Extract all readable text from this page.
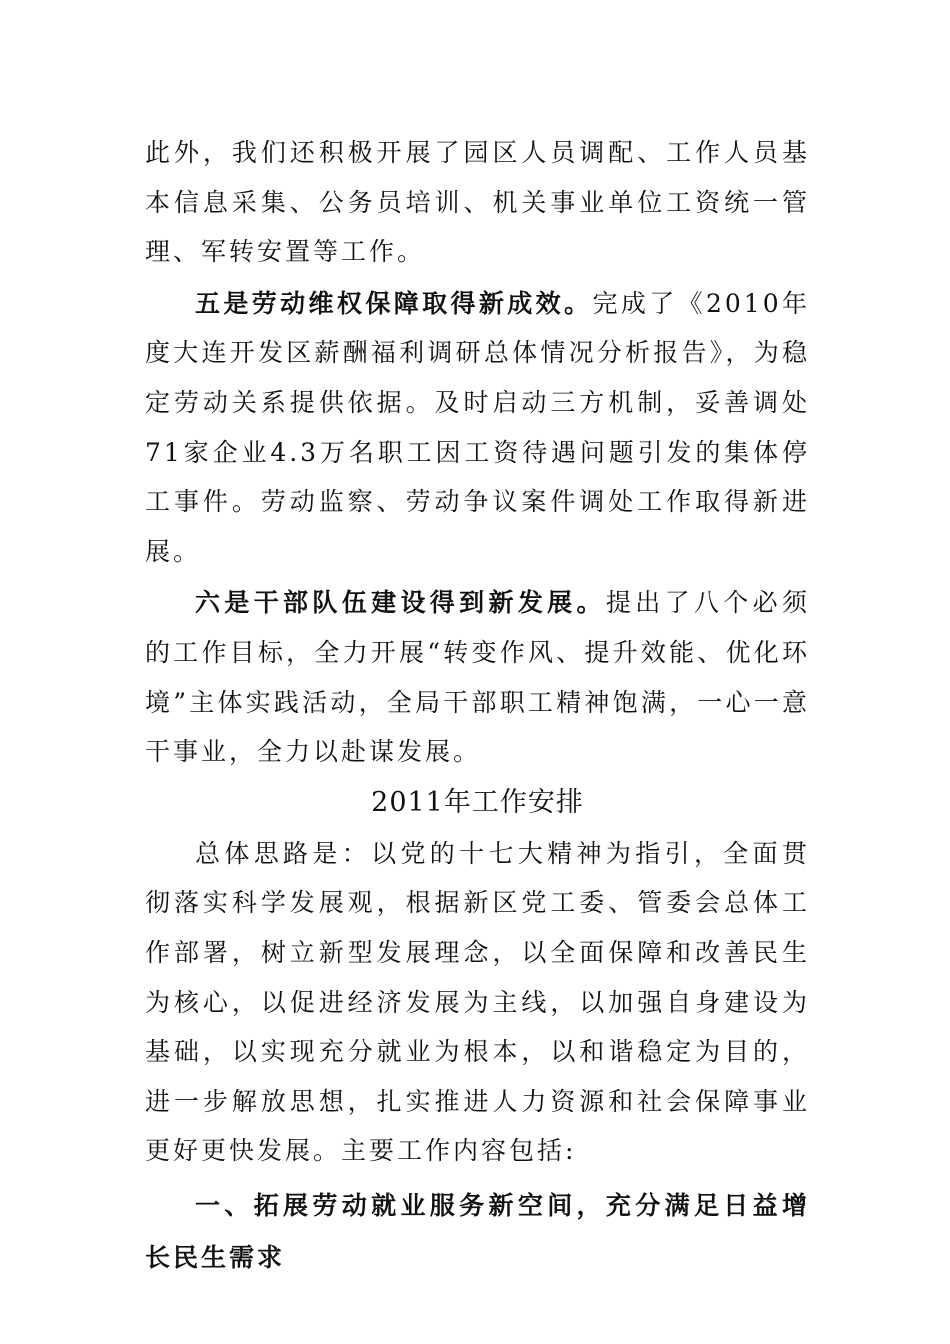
此外，我们还积极开展了园区人员调配、工作人员基本信息采集、公务员培训、机关事业单位工资统一管理、军转安置等工作。

五是劳动维权保障取得新成效。完成了《2010年度大连开发区薪酬福利调研总体情况分析报告》，为稳定劳动关系提供依据。及时启动三方机制，妥善调处71家企业4.3万名职工因工资待遇问题引发的集体停工事件。劳动监察、劳动争议案件调处工作取得新进展。

六是干部队伍建设得到新发展。提出了八个必须的工作目标，全力开展“转变作风、提升效能、优化环境”主体实践活动，全局干部职工精神饱满，一心一意干事业，全力以赴谋发展。

2011年工作安排

总体思路是：以党的十七大精神为指引，全面贯彻落实科学发展观，根据新区党工委、管委会总体工作部署，树立新型发展理念，以全面保障和改善民生为核心，以促进经济发展为主线，以加强自身建设为基础，以实现充分就业为根本，以和谐稳定为目的，进一步解放思想，扎实推进人力资源和社会保障事业更好更快发展。主要工作内容包括:

一、拓展劳动就业服务新空间，充分满足日益增长民生需求
